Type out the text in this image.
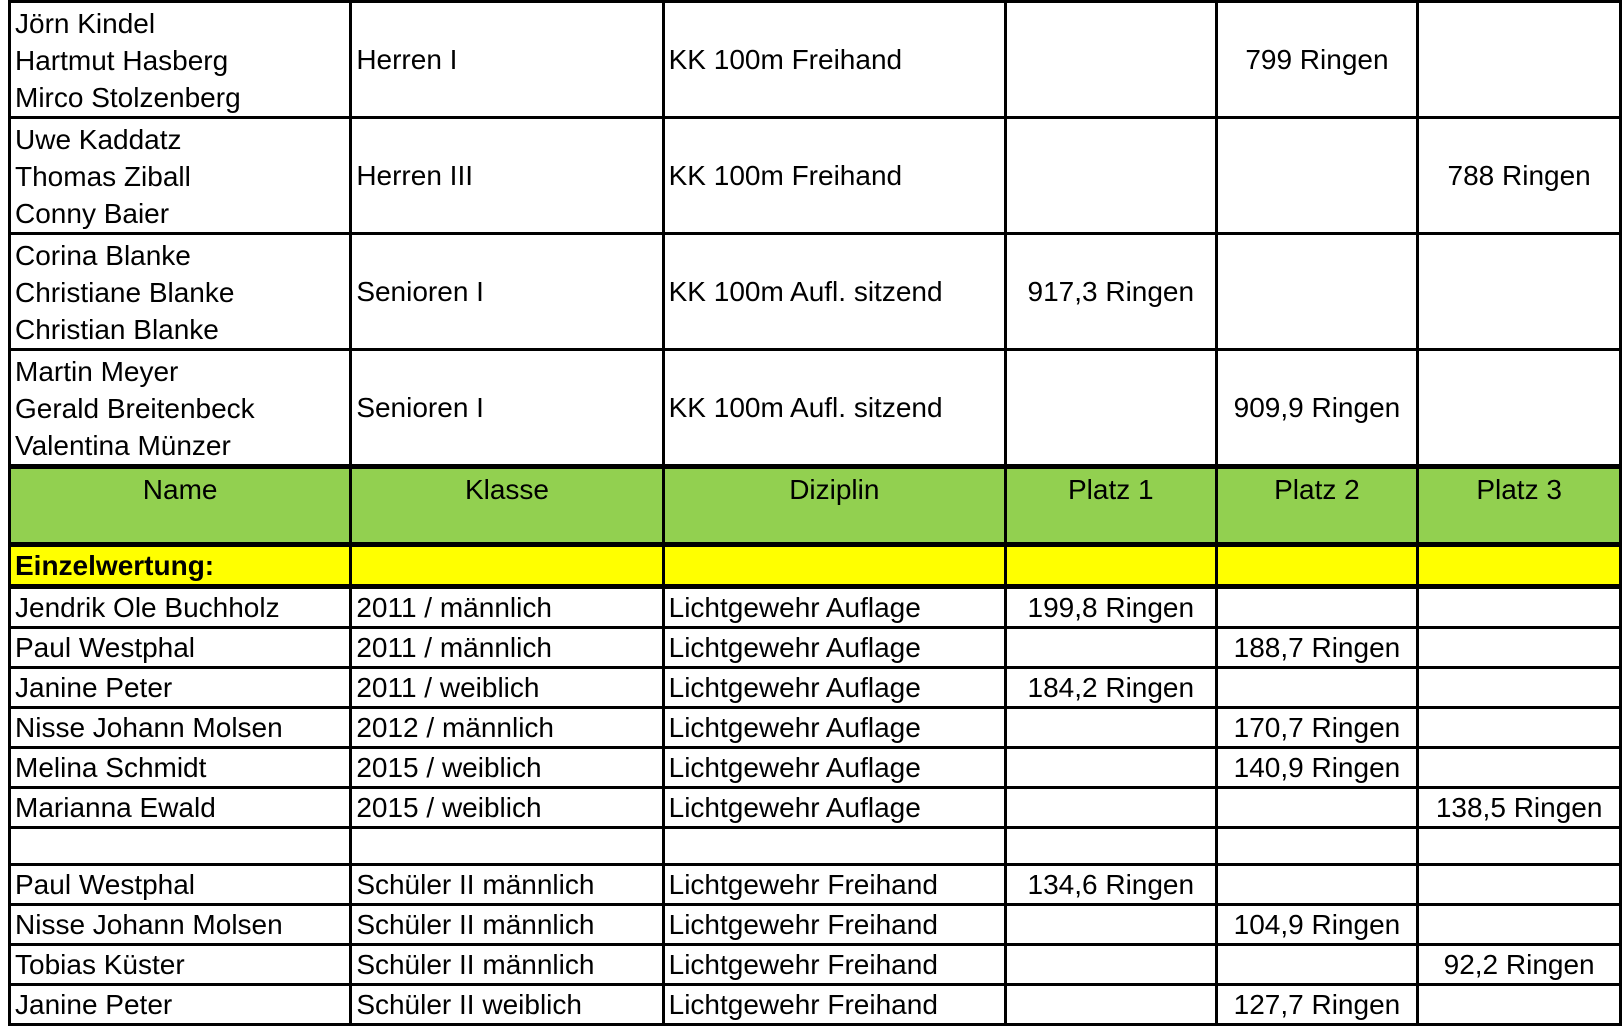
Jörn Kindel
Hartmut Hasberg
Mirco Stolzenberg	Herren I	KK 100m Freihand		799 Ringen	

Uwe Kaddatz
Thomas Ziball
Conny Baier	Herren III	KK 100m Freihand			788 Ringen

Corina Blanke
Christiane Blanke
Christian Blanke	Senioren I	KK 100m Aufl. sitzend	917,3 Ringen		

Martin Meyer
Gerald Breitenbeck
Valentina Münzer	Senioren I	KK 100m Aufl. sitzend		909,9 Ringen	
Name	Klasse	Diziplin	Platz 1	Platz 2	Platz 3
Einzelwertung:					
Jendrik Ole Buchholz	2011 / männlich	Lichtgewehr Auflage	199,8 Ringen		
Paul Westphal	2011 / männlich	Lichtgewehr Auflage		188,7 Ringen	
Janine Peter	2011 / weiblich	Lichtgewehr Auflage	184,2 Ringen		
Nisse Johann Molsen	2012 / männlich	Lichtgewehr Auflage		170,7 Ringen	
Melina Schmidt	2015 / weiblich	Lichtgewehr Auflage		140,9 Ringen	
Marianna Ewald	2015 / weiblich	Lichtgewehr Auflage			138,5 Ringen

Paul Westphal	Schüler II männlich	Lichtgewehr Freihand	134,6 Ringen		
Nisse Johann Molsen	Schüler II männlich	Lichtgewehr Freihand		104,9 Ringen	
Tobias Küster	Schüler II männlich	Lichtgewehr Freihand			92,2 Ringen
Janine Peter	Schüler II weiblich	Lichtgewehr Freihand		127,7 Ringen	
